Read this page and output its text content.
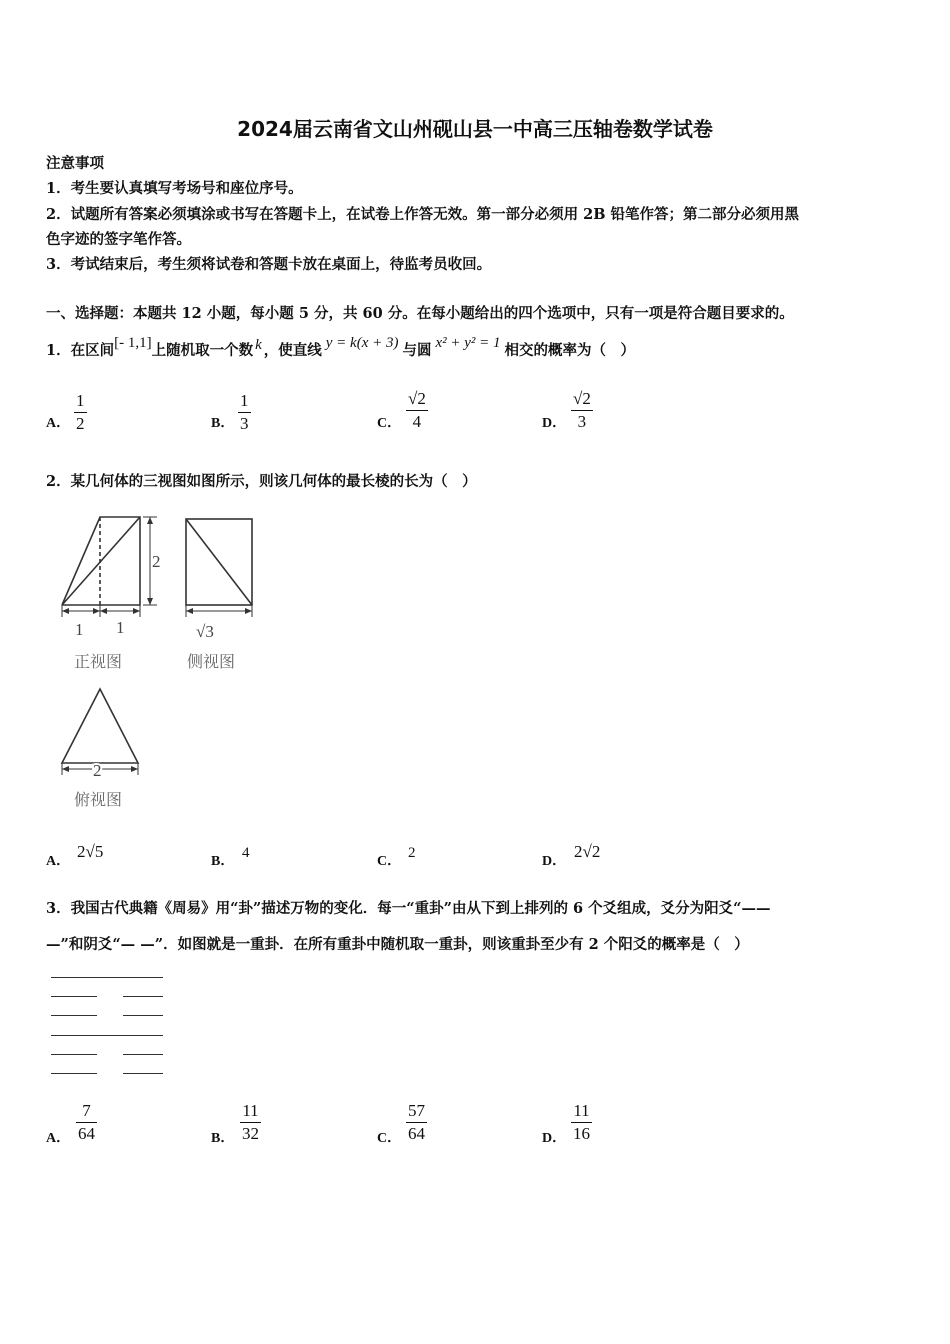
2024届云南省文山州砚山县一中高三压轴卷数学试卷
注意事项
1．考生要认真填写考场号和座位序号。
2．试题所有答案必须填涂或书写在答题卡上，在试卷上作答无效。第一部分必须用 2B 铅笔作答；第二部分必须用黑
色字迹的签字笔作答。
3．考试结束后，考生须将试卷和答题卡放在桌面上，待监考员收回。
一、选择题：本题共 12 小题，每小题 5 分，共 60 分。在每小题给出的四个选项中，只有一项是符合题目要求的。
1．在区间[- 1,1]上随机取一个数 k ，使直线 y = k(x + 3) 与圆 x² + y² = 1 相交的概率为（　）
A． $\frac{1}{2}$	B． $\frac{1}{3}$	C． $\frac{√2}{4}$	D． $\frac{√2}{3}$
2．某几何体的三视图如图所示，则该几何体的最长棱的长为（　）
2
1 1	√3
2
正视图	侧视图
俯视图
A．
2√5
B．
4
C．
2
D．
2√2
3．我国古代典籍《周易》用“卦”描述万物的变化．每一“重卦”由从下到上排列的 6 个爻组成，爻分为阳爻“——
—”和阴爻“— —”．如图就是一重卦．在所有重卦中随机取一重卦，则该重卦至少有 2 个阳爻的概率是（　）
A． $\frac{7}{64}$	B． $\frac{11}{32}$	C． $\frac{57}{64}$	D． $\frac{11}{16}$
